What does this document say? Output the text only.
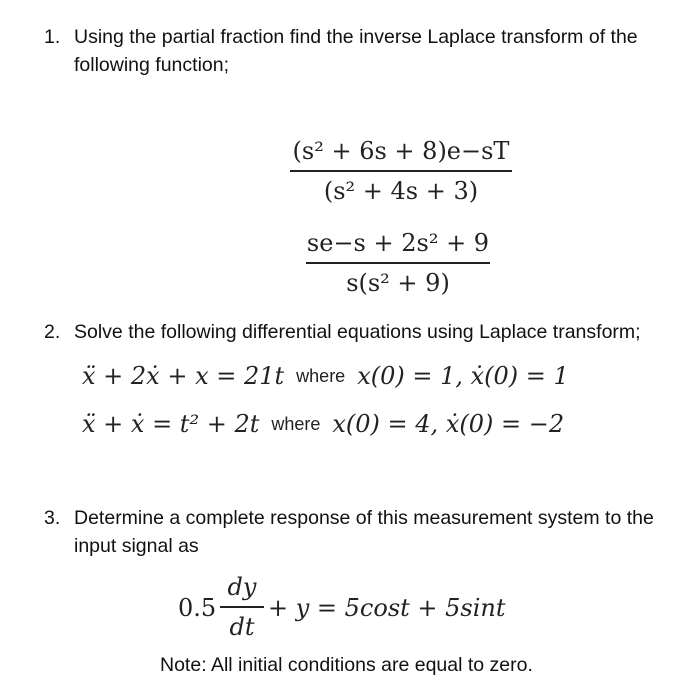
1. Using the partial fraction find the inverse Laplace transform of the
following function;
(s² + 6s + 8)e−sT
(s² + 4s + 3)
se−s + 2s² + 9
s(s² + 9)
2. Solve the following differential equations using Laplace transform;
ẍ + 2ẋ + x = 21t where x(0) = 1, ẋ(0) = 1
ẍ + ẋ = t² + 2t where x(0) = 4, ẋ(0) = −2
3. Determine a complete response of this measurement system to the
input signal as
0.5
dy
dt
+ y = 5cost + 5sint
Note: All initial conditions are equal to zero.
